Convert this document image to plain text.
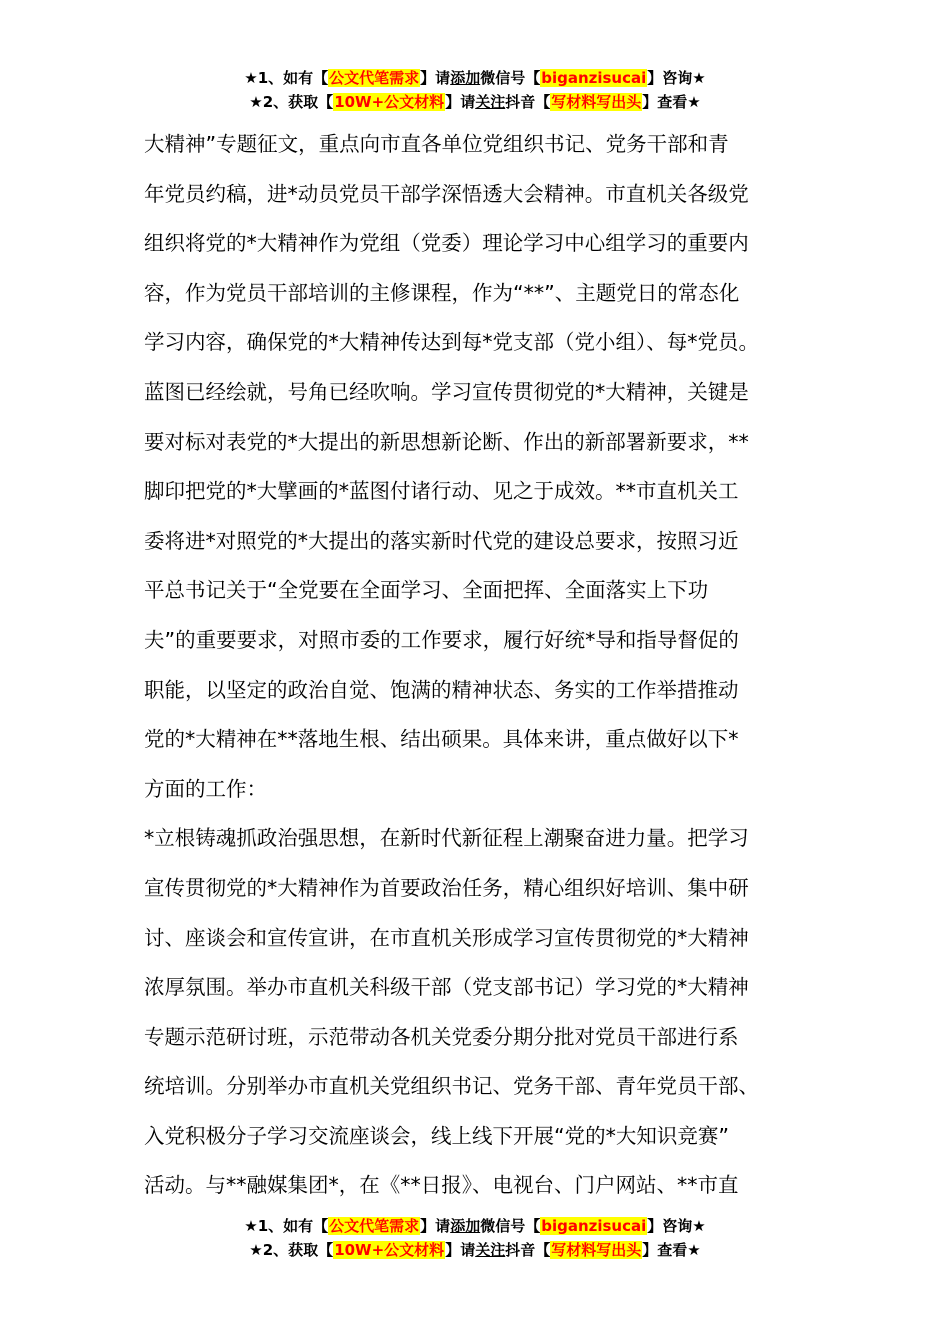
★1、如有【公文代笔需求】请添加微信号【biganzisucai】咨询★
★2、获取【10W+公文材料】请关注抖音【写材料写出头】查看★

大精神”专题征文，重点向市直各单位党组织书记、党务干部和青
年党员约稿，进*动员党员干部学深悟透大会精神。市直机关各级党
组织将党的*大精神作为党组（党委）理论学习中心组学习的重要内
容，作为党员干部培训的主修课程，作为“**”、主题党日的常态化
学习内容，确保党的*大精神传达到每*党支部（党小组）、每*党员。
蓝图已经绘就，号角已经吹响。学习宣传贯彻党的*大精神，关键是
要对标对表党的*大提出的新思想新论断、作出的新部署新要求，**
脚印把党的*大擘画的*蓝图付诸行动、见之于成效。**市直机关工
委将进*对照党的*大提出的落实新时代党的建设总要求，按照习近
平总书记关于“全党要在全面学习、全面把挥、全面落实上下功
夫”的重要要求，对照市委的工作要求，履行好统*导和指导督促的
职能，以坚定的政治自觉、饱满的精神状态、务实的工作举措推动
党的*大精神在**落地生根、结出硕果。具体来讲，重点做好以下*
方面的工作：

*立根铸魂抓政治强思想，在新时代新征程上潮聚奋进力量。把学习
宣传贯彻党的*大精神作为首要政治任务，精心组织好培训、集中研
讨、座谈会和宣传宣讲，在市直机关形成学习宣传贯彻党的*大精神
浓厚氛围。举办市直机关科级干部（党支部书记）学习党的*大精神
专题示范研讨班，示范带动各机关党委分期分批对党员干部进行系
统培训。分别举办市直机关党组织书记、党务干部、青年党员干部、
入党积极分子学习交流座谈会，线上线下开展“党的*大知识竞赛”
活动。与**融媒集团*，在《**日报》、电视台、门户网站、**市直

★1、如有【公文代笔需求】请添加微信号【biganzisucai】咨询★
★2、获取【10W+公文材料】请关注抖音【写材料写出头】查看★
